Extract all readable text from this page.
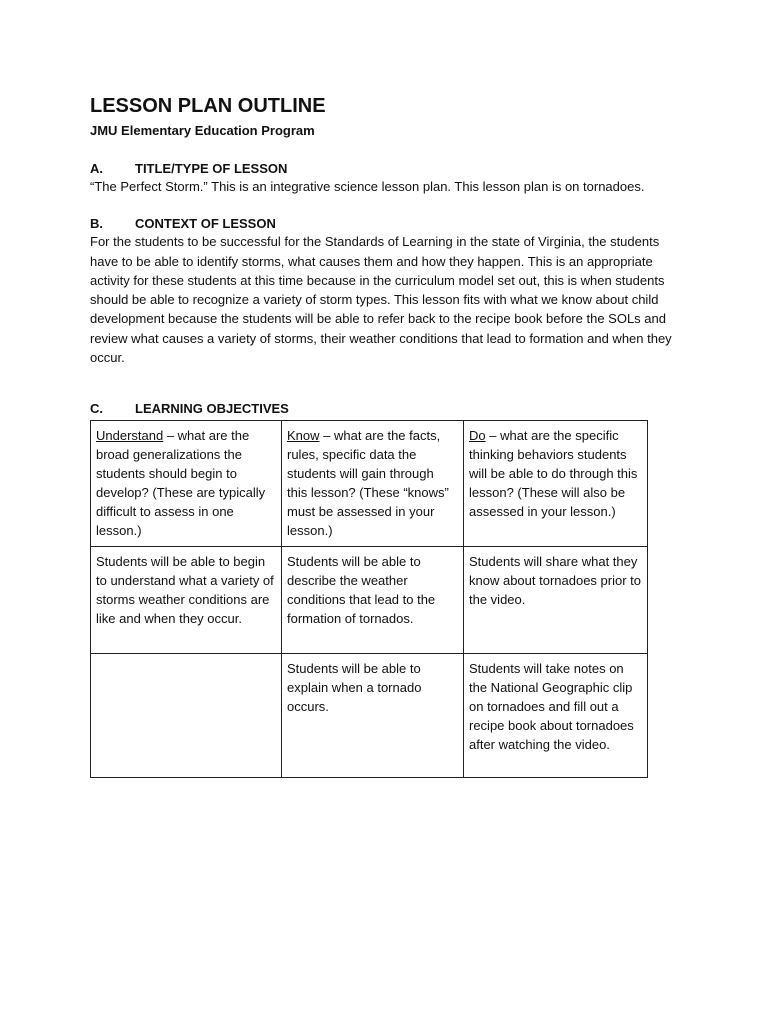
LESSON PLAN OUTLINE

JMU Elementary Education Program

A.	TITLE/TYPE OF LESSON

“The Perfect Storm.” This is an integrative science lesson plan. This lesson plan is on tornadoes.

B.	CONTEXT OF LESSON

For the students to be successful for the Standards of Learning in the state of Virginia, the students have to be able to identify storms, what causes them and how they happen. This is an appropriate activity for these students at this time because in the curriculum model set out, this is when students should be able to recognize a variety of storm types. This lesson fits with what we know about child development because the students will be able to refer back to the recipe book before the SOLs and review what causes a variety of storms, their weather conditions that lead to formation and when they occur.

C.	LEARNING OBJECTIVES
Understand – what are the broad generalizations the students should begin to develop? (These are typically difficult to assess in one lesson.)	Know – what are the facts, rules, specific data the students will gain through this lesson? (These “knows” must be assessed in your lesson.)	Do – what are the specific thinking behaviors students will be able to do through this lesson? (These will also be assessed in your lesson.)
Students will be able to begin to understand what a variety of storms weather conditions are like and when they occur.	Students will be able to describe the weather conditions that lead to the formation of tornados.	Students will share what they know about tornadoes prior to the video.
	Students will be able to explain when a tornado occurs.	Students will take notes on the National Geographic clip on tornadoes and fill out a recipe book about tornadoes after watching the video.
